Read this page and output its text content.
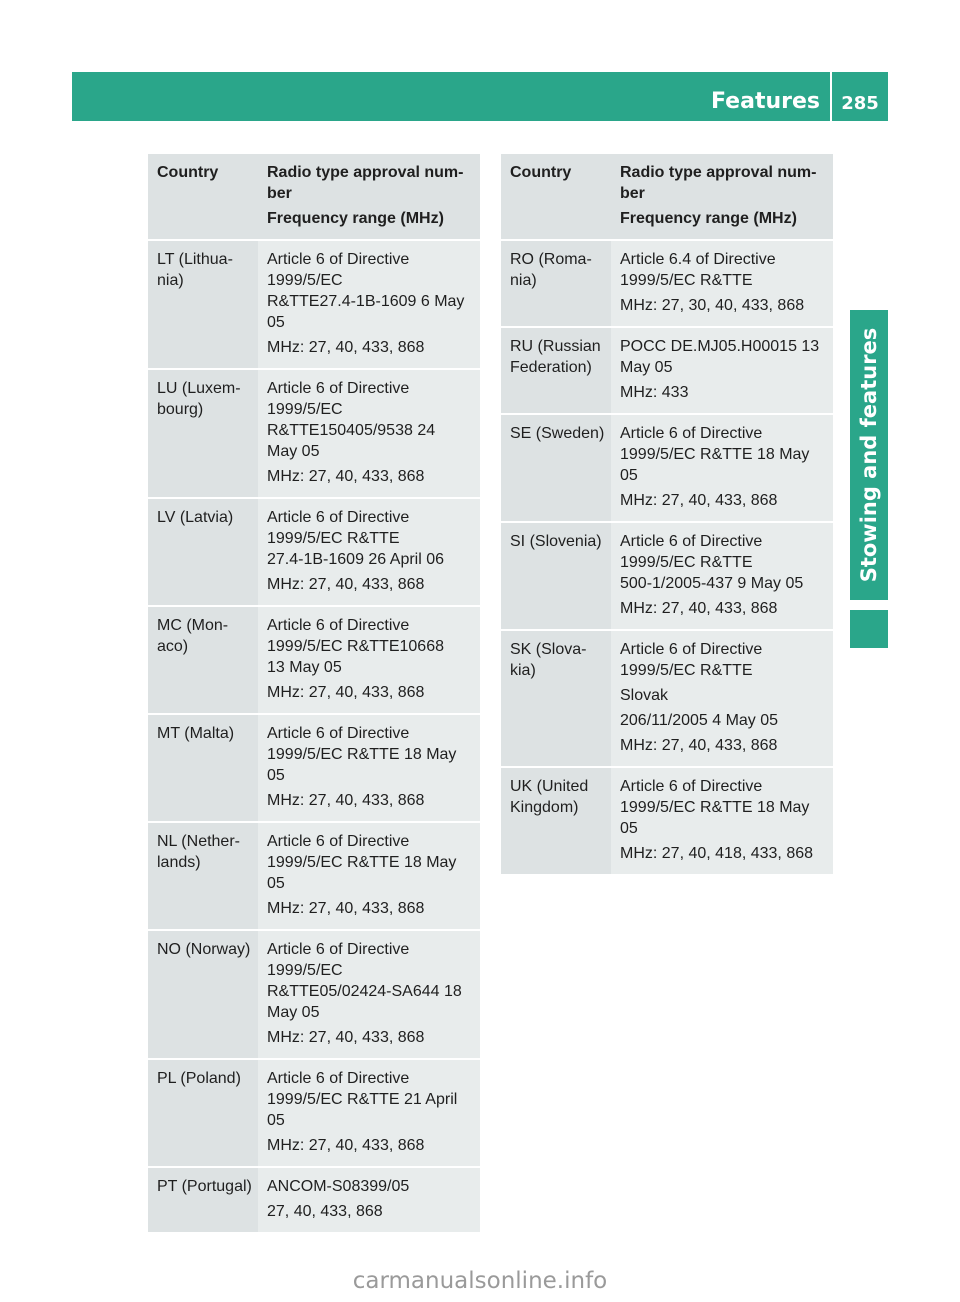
Features	285
Stowing and features
Country	Radio type approval num-
ber
Frequency range (MHz)

LT (Lithua-
nia)	Article 6 of Directive
1999/5/EC
R&TTE27.4-1B-1609 6 May
05
MHz: 27, 40, 433, 868

LU (Luxem-
bourg)	Article 6 of Directive
1999/5/EC
R&TTE150405/9538 24
May 05
MHz: 27, 40, 433, 868

LV (Latvia)	Article 6 of Directive
1999/5/EC R&TTE
27.4-1B-1609 26 April 06
MHz: 27, 40, 433, 868

MC (Mon-
aco)	Article 6 of Directive
1999/5/EC R&TTE10668
13 May 05
MHz: 27, 40, 433, 868

MT (Malta)	Article 6 of Directive
1999/5/EC R&TTE 18 May
05
MHz: 27, 40, 433, 868

NL (Nether-
lands)	Article 6 of Directive
1999/5/EC R&TTE 18 May
05
MHz: 27, 40, 433, 868

NO (Norway)	Article 6 of Directive
1999/5/EC
R&TTE05/02424-SA644 18
May 05
MHz: 27, 40, 433, 868

PL (Poland)	Article 6 of Directive
1999/5/EC R&TTE 21 April
05
MHz: 27, 40, 433, 868

PT (Portugal)	ANCOM-S08399/05
27, 40, 433, 868
Country	Radio type approval num-
ber
Frequency range (MHz)

RO (Roma-
nia)	Article 6.4 of Directive
1999/5/EC R&TTE
MHz: 27, 30, 40, 433, 868

RU (Russian
Federation)	POCC DE.MJ05.H00015 13
May 05
MHz: 433

SE (Sweden)	Article 6 of Directive
1999/5/EC R&TTE 18 May
05
MHz: 27, 40, 433, 868

SI (Slovenia)	Article 6 of Directive
1999/5/EC R&TTE
500-1/2005-437 9 May 05
MHz: 27, 40, 433, 868

SK (Slova-
kia)	Article 6 of Directive
1999/5/EC R&TTE
Slovak
206/11/2005 4 May 05
MHz: 27, 40, 433, 868

UK (United
Kingdom)	Article 6 of Directive
1999/5/EC R&TTE 18 May
05
MHz: 27, 40, 418, 433, 868
carmanualsonline.info
